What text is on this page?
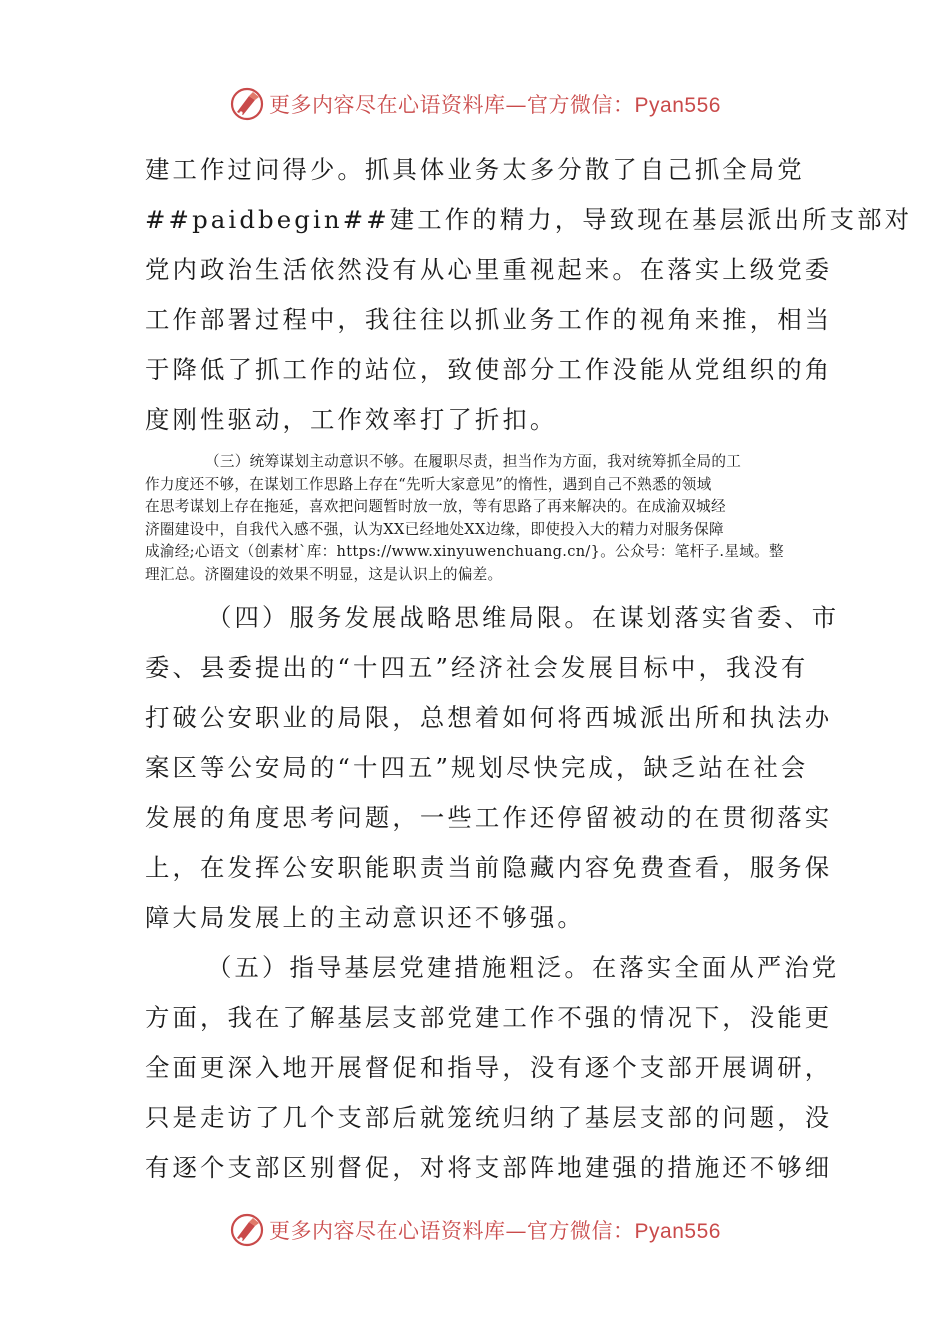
更多内容尽在心语资料库—官方微信：Pyan556
建工作过问得少。抓具体业务太多分散了自己抓全局党
##paidbegin##建工作的精力，导致现在基层派出所支部对
党内政治生活依然没有从心里重视起来。在落实上级党委
工作部署过程中，我往往以抓业务工作的视角来推，相当
于降低了抓工作的站位，致使部分工作没能从党组织的角
度刚性驱动，工作效率打了折扣。
（三）统筹谋划主动意识不够。在履职尽责，担当作为方面，我对统筹抓全局的工
作力度还不够，在谋划工作思路上存在“先听大家意见”的惰性，遇到自己不熟悉的领域
在思考谋划上存在拖延，喜欢把问题暂时放一放，等有思路了再来解决的。在成渝双城经
济圈建设中，自我代入感不强，认为XX已经地处XX边缘，即使投入大的精力对服务保障
成渝经;心语文（创素材`库：https://www.xinyuwenchuang.cn/}。公众号：笔杆子.星域。整
理汇总。济圈建设的效果不明显，这是认识上的偏差。
（四）服务发展战略思维局限。在谋划落实省委、市
委、县委提出的“十四五”经济社会发展目标中，我没有
打破公安职业的局限，总想着如何将西城派出所和执法办
案区等公安局的“十四五”规划尽快完成，缺乏站在社会
发展的角度思考问题，一些工作还停留被动的在贯彻落实
上，在发挥公安职能职责当前隐藏内容免费查看，服务保
障大局发展上的主动意识还不够强。
（五）指导基层党建措施粗泛。在落实全面从严治党
方面，我在了解基层支部党建工作不强的情况下，没能更
全面更深入地开展督促和指导，没有逐个支部开展调研，
只是走访了几个支部后就笼统归纳了基层支部的问题，没
有逐个支部区别督促，对将支部阵地建强的措施还不够细
更多内容尽在心语资料库—官方微信：Pyan556
